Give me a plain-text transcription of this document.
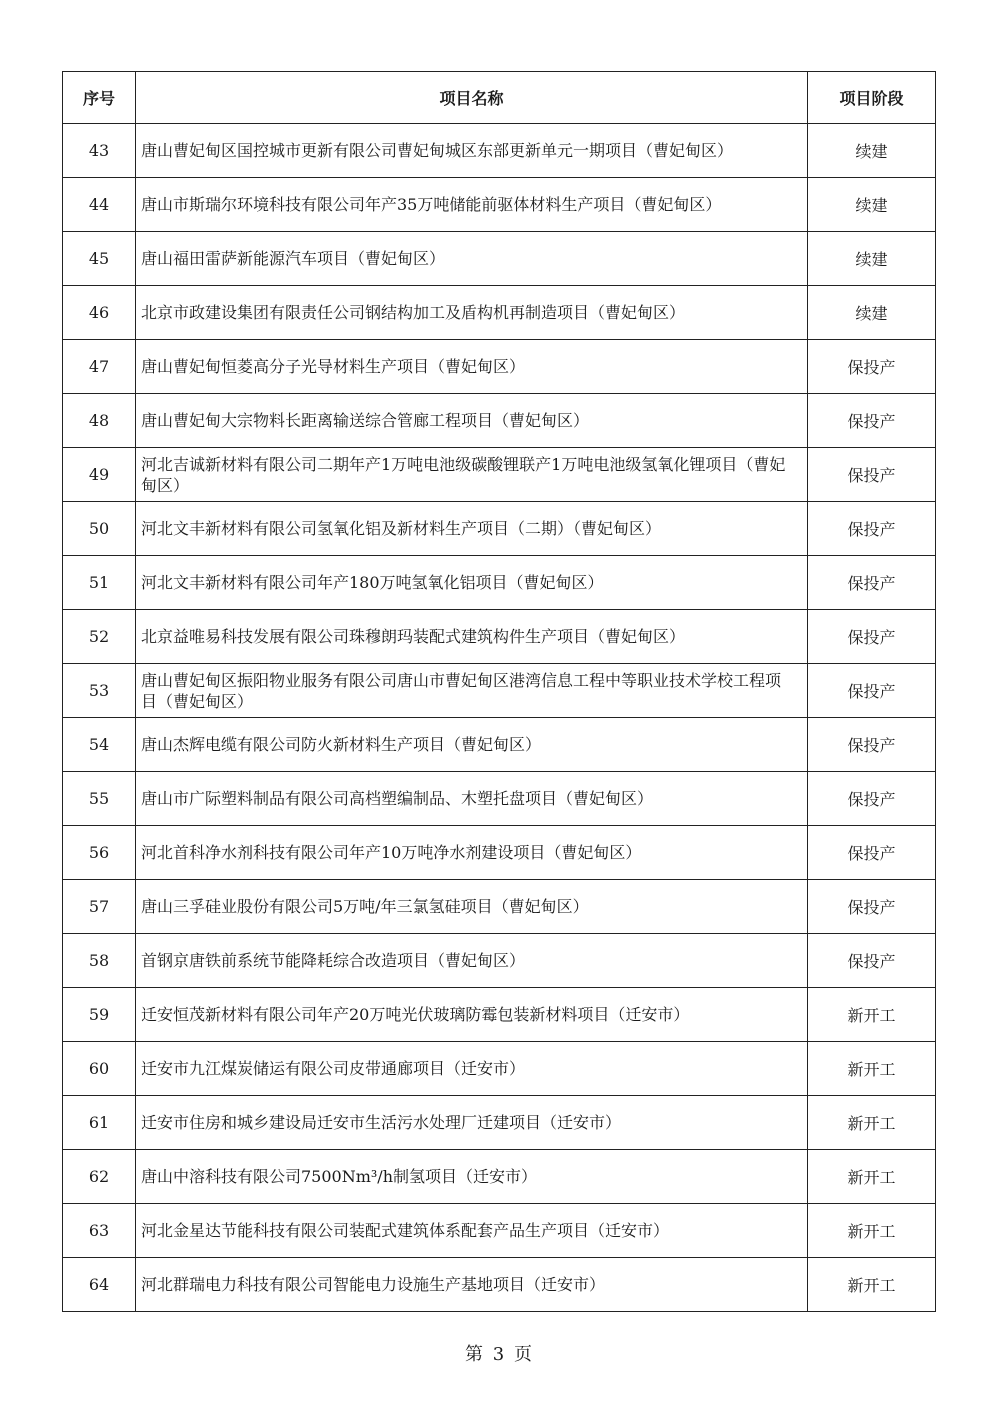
序号	项目名称	项目阶段
43	唐山曹妃甸区国控城市更新有限公司曹妃甸城区东部更新单元一期项目（曹妃甸区）	续建
44	唐山市斯瑞尔环境科技有限公司年产35万吨储能前驱体材料生产项目（曹妃甸区）	续建
45	唐山福田雷萨新能源汽车项目（曹妃甸区）	续建
46	北京市政建设集团有限责任公司钢结构加工及盾构机再制造项目（曹妃甸区）	续建
47	唐山曹妃甸恒菱高分子光导材料生产项目（曹妃甸区）	保投产
48	唐山曹妃甸大宗物料长距离输送综合管廊工程项目（曹妃甸区）	保投产
49	河北吉诚新材料有限公司二期年产1万吨电池级碳酸锂联产1万吨电池级氢氧化锂项目（曹妃甸区）	保投产
50	河北文丰新材料有限公司氢氧化铝及新材料生产项目（二期）（曹妃甸区）	保投产
51	河北文丰新材料有限公司年产180万吨氢氧化铝项目（曹妃甸区）	保投产
52	北京益唯易科技发展有限公司珠穆朗玛装配式建筑构件生产项目（曹妃甸区）	保投产
53	唐山曹妃甸区振阳物业服务有限公司唐山市曹妃甸区港湾信息工程中等职业技术学校工程项目（曹妃甸区）	保投产
54	唐山杰辉电缆有限公司防火新材料生产项目（曹妃甸区）	保投产
55	唐山市广际塑料制品有限公司高档塑编制品、木塑托盘项目（曹妃甸区）	保投产
56	河北首科净水剂科技有限公司年产10万吨净水剂建设项目（曹妃甸区）	保投产
57	唐山三孚硅业股份有限公司5万吨/年三氯氢硅项目（曹妃甸区）	保投产
58	首钢京唐铁前系统节能降耗综合改造项目（曹妃甸区）	保投产
59	迁安恒茂新材料有限公司年产20万吨光伏玻璃防霉包装新材料项目（迁安市）	新开工
60	迁安市九江煤炭储运有限公司皮带通廊项目（迁安市）	新开工
61	迁安市住房和城乡建设局迁安市生活污水处理厂迁建项目（迁安市）	新开工
62	唐山中溶科技有限公司7500Nm³/h制氢项目（迁安市）	新开工
63	河北金星达节能科技有限公司装配式建筑体系配套产品生产项目（迁安市）	新开工
64	河北群瑞电力科技有限公司智能电力设施生产基地项目（迁安市）	新开工
第 3 页
